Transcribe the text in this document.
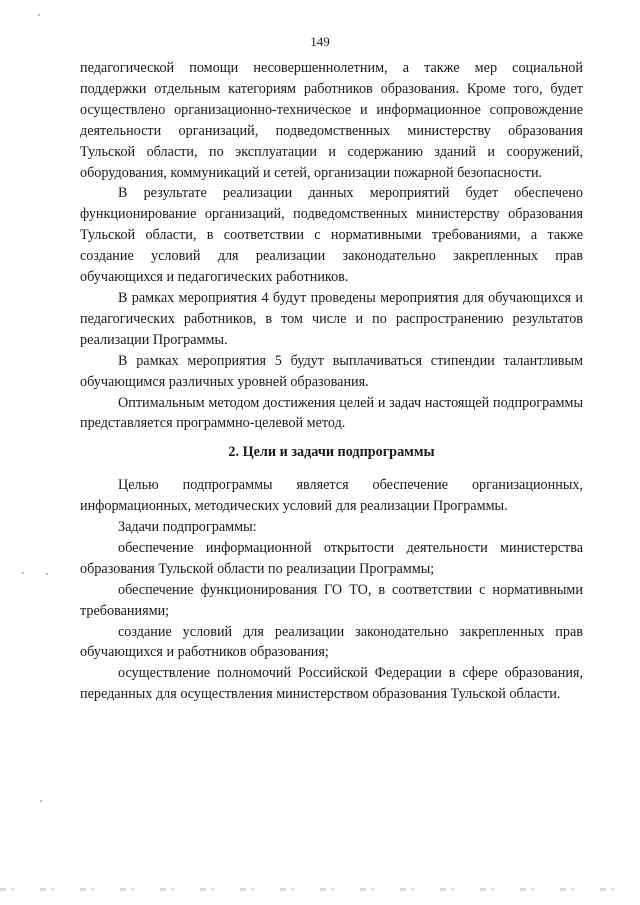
149

педагогической помощи несовершеннолетним, а также мер социальной поддержки отдельным категориям работников образования. Кроме того, будет осуществлено организационно-техническое и информационное сопровождение деятельности организаций, подведомственных министерству образования Тульской области, по эксплуатации и содержанию зданий и сооружений, оборудования, коммуникаций и сетей, организации пожарной безопасности.

В результате реализации данных мероприятий будет обеспечено функционирование организаций, подведомственных министерству образования Тульской области, в соответствии с нормативными требованиями, а также создание условий для реализации законодательно закрепленных прав обучающихся и педагогических работников.

В рамках мероприятия 4 будут проведены мероприятия для обучающихся и педагогических работников, в том числе и по распространению результатов реализации Программы.

В рамках мероприятия 5 будут выплачиваться стипендии талантливым обучающимся различных уровней образования.

Оптимальным методом достижения целей и задач настоящей подпрограммы представляется программно-целевой метод.

2. Цели и задачи подпрограммы

Целью подпрограммы является обеспечение организационных, информационных, методических условий для реализации Программы.

Задачи подпрограммы:

обеспечение информационной открытости деятельности министерства образования Тульской области по реализации Программы;

обеспечение функционирования ГО ТО, в соответствии с нормативными требованиями;

создание условий для реализации законодательно закрепленных прав обучающихся и работников образования;

осуществление полномочий Российской Федерации в сфере образования, переданных для осуществления министерством образования Тульской области.
